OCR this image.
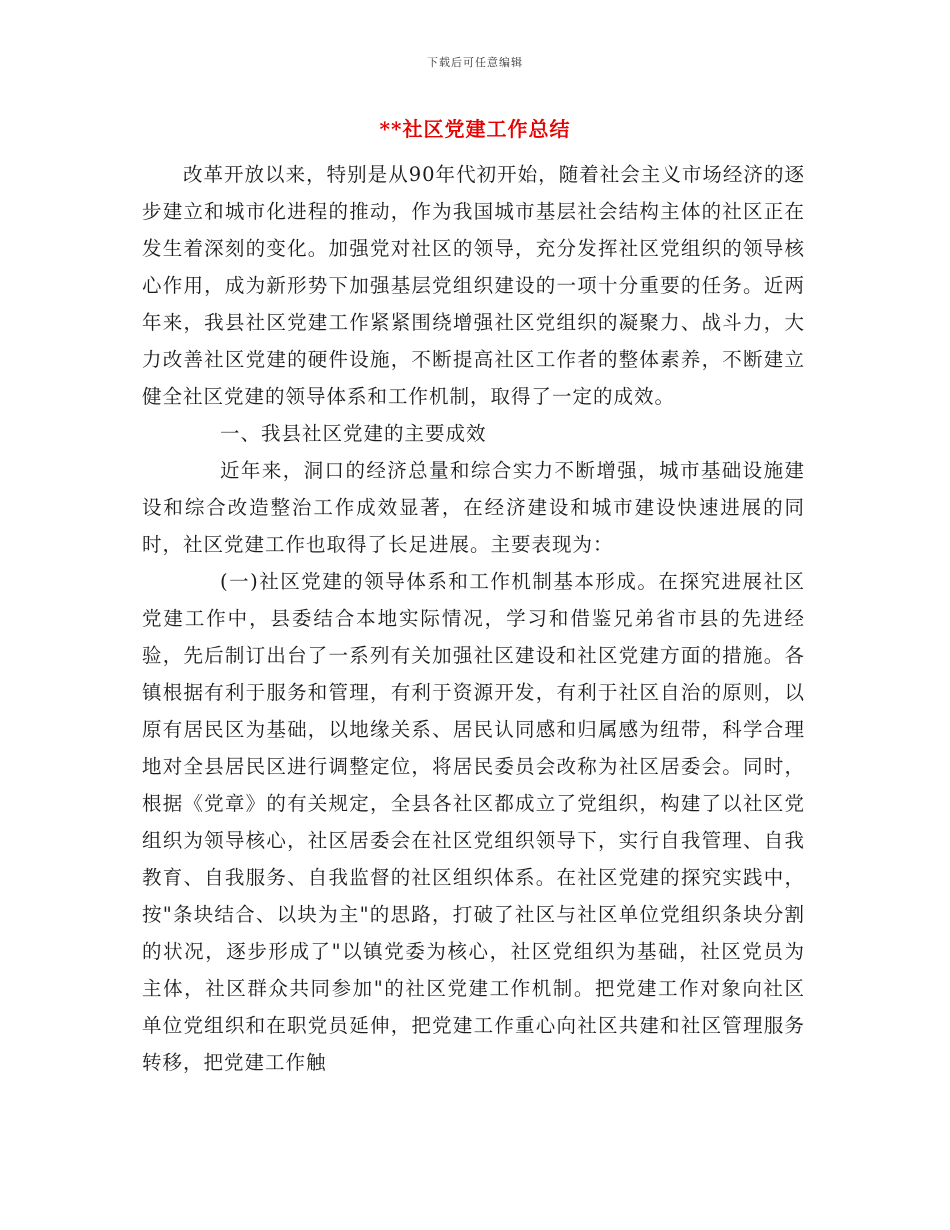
下载后可任意编辑
**社区党建工作总结

改革开放以来，特别是从90年代初开始，随着社会主义市场经济的逐步建立和城市化进程的推动，作为我国城市基层社会结构主体的社区正在发生着深刻的变化。加强党对社区的领导，充分发挥社区党组织的领导核心作用，成为新形势下加强基层党组织建设的一项十分重要的任务。近两年来，我县社区党建工作紧紧围绕增强社区党组织的凝聚力、战斗力，大力改善社区党建的硬件设施，不断提高社区工作者的整体素养，不断建立健全社区党建的领导体系和工作机制，取得了一定的成效。

一、我县社区党建的主要成效

近年来，洞口的经济总量和综合实力不断增强，城市基础设施建设和综合改造整治工作成效显著，在经济建设和城市建设快速进展的同时，社区党建工作也取得了长足进展。主要表现为：

(一)社区党建的领导体系和工作机制基本形成。在探究进展社区党建工作中，县委结合本地实际情况，学习和借鉴兄弟省市县的先进经验，先后制订出台了一系列有关加强社区建设和社区党建方面的措施。各镇根据有利于服务和管理，有利于资源开发，有利于社区自治的原则，以原有居民区为基础，以地缘关系、居民认同感和归属感为纽带，科学合理地对全县居民区进行调整定位，将居民委员会改称为社区居委会。同时，根据《党章》的有关规定，全县各社区都成立了党组织，构建了以社区党组织为领导核心，社区居委会在社区党组织领导下，实行自我管理、自我教育、自我服务、自我监督的社区组织体系。在社区党建的探究实践中，按"条块结合、以块为主"的思路，打破了社区与社区单位党组织条块分割的状况，逐步形成了"以镇党委为核心，社区党组织为基础，社区党员为主体，社区群众共同参加"的社区党建工作机制。把党建工作对象向社区单位党组织和在职党员延伸，把党建工作重心向社区共建和社区管理服务转移，把党建工作触
